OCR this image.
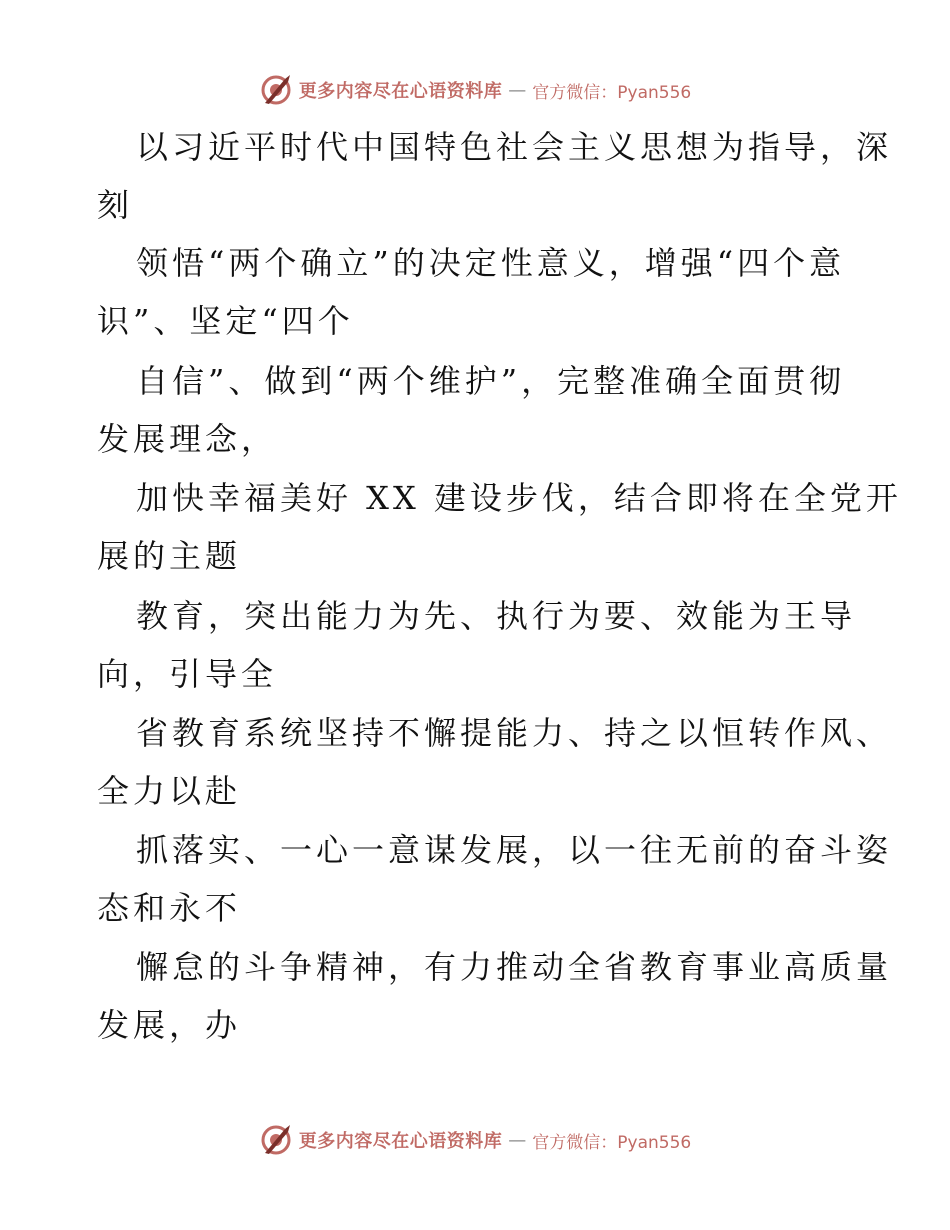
更多内容尽在心语资料库 — 官方微信：Pyan556
以习近平时代中国特色社会主义思想为指导，深
刻
领悟“两个确立”的决定性意义，增强“四个意
识”、坚定“四个
自信”、做到“两个维护”，完整准确全面贯彻
发展理念，
加快幸福美好 XX 建设步伐，结合即将在全党开
展的主题
教育，突出能力为先、执行为要、效能为王导
向，引导全
省教育系统坚持不懈提能力、持之以恒转作风、
全力以赴
抓落实、一心一意谋发展，以一往无前的奋斗姿
态和永不
懈怠的斗争精神，有力推动全省教育事业高质量
发展，办
更多内容尽在心语资料库 — 官方微信：Pyan556
